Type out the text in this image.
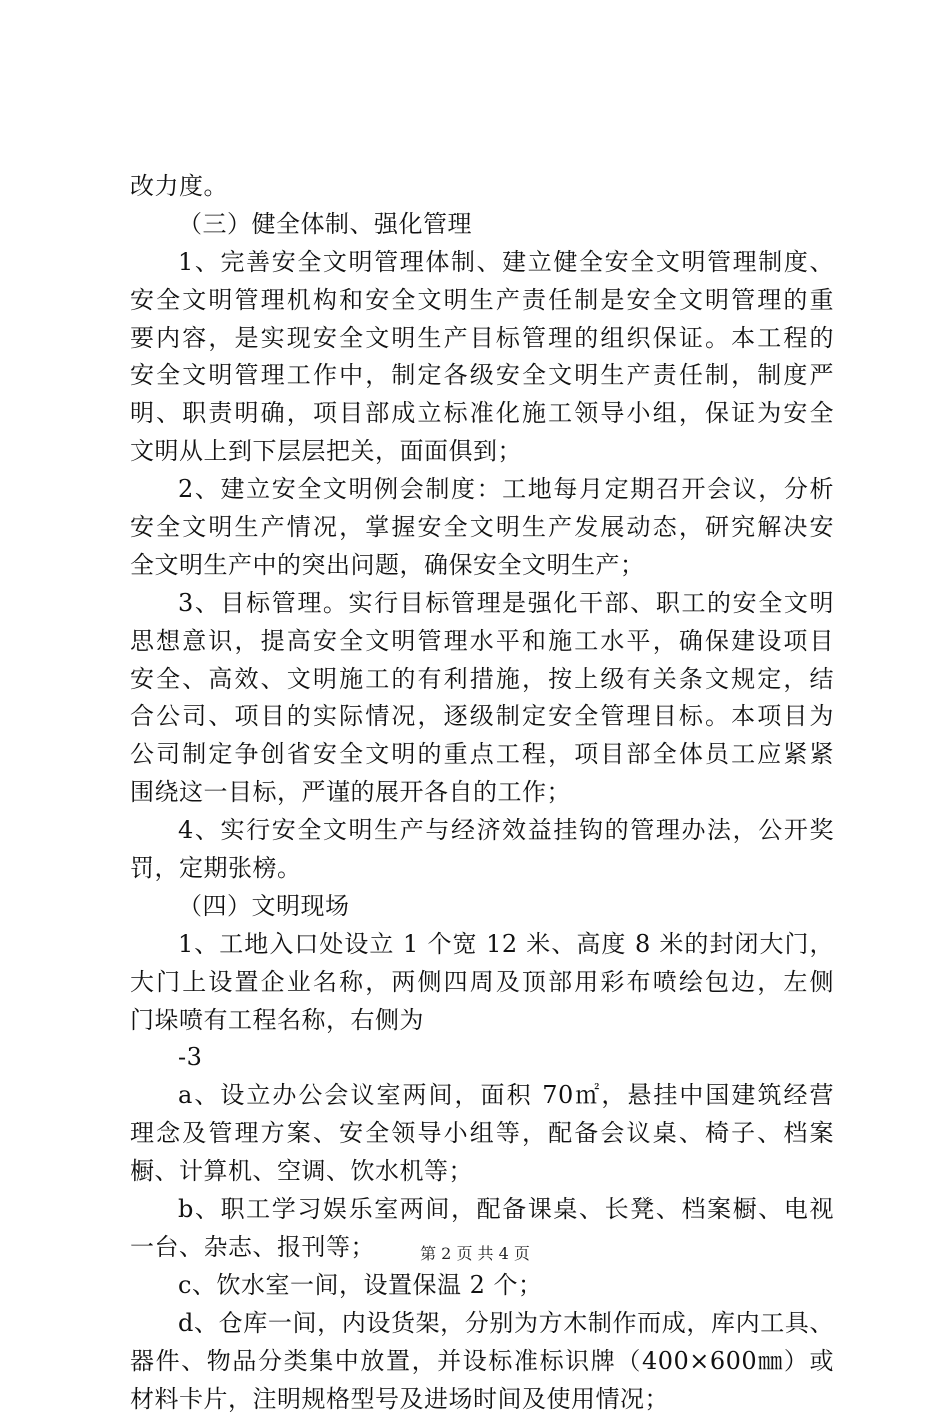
改力度。
（三）健全体制、强化管理
1、完善安全文明管理体制、建立健全安全文明管理制度、
安全文明管理机构和安全文明生产责任制是安全文明管理的重
要内容，是实现安全文明生产目标管理的组织保证。本工程的
安全文明管理工作中，制定各级安全文明生产责任制，制度严
明、职责明确，项目部成立标准化施工领导小组，保证为安全
文明从上到下层层把关，面面俱到；
2、建立安全文明例会制度：工地每月定期召开会议，分析
安全文明生产情况，掌握安全文明生产发展动态，研究解决安
全文明生产中的突出问题，确保安全文明生产；
3、目标管理。实行目标管理是强化干部、职工的安全文明
思想意识，提高安全文明管理水平和施工水平，确保建设项目
安全、高效、文明施工的有利措施，按上级有关条文规定，结
合公司、项目的实际情况，逐级制定安全管理目标。本项目为
公司制定争创省安全文明的重点工程，项目部全体员工应紧紧
围绕这一目标，严谨的展开各自的工作；
4、实行安全文明生产与经济效益挂钩的管理办法，公开奖
罚，定期张榜。
（四）文明现场
1、工地入口处设立 1 个宽 12 米、高度 8 米的封闭大门，
大门上设置企业名称，两侧四周及顶部用彩布喷绘包边，左侧
门垛喷有工程名称，右侧为
-3
a、设立办公会议室两间，面积 70㎡，悬挂中国建筑经营
理念及管理方案、安全领导小组等，配备会议桌、椅子、档案
橱、计算机、空调、饮水机等；
b、职工学习娱乐室两间，配备课桌、长凳、档案橱、电视
一台、杂志、报刊等；
c、饮水室一间，设置保温 2 个；
d、仓库一间，内设货架，分别为方木制作而成，库内工具、
器件、物品分类集中放置，并设标准标识牌（400×600㎜）或
材料卡片，注明规格型号及进场时间及使用情况；
第 2 页 共 4 页
